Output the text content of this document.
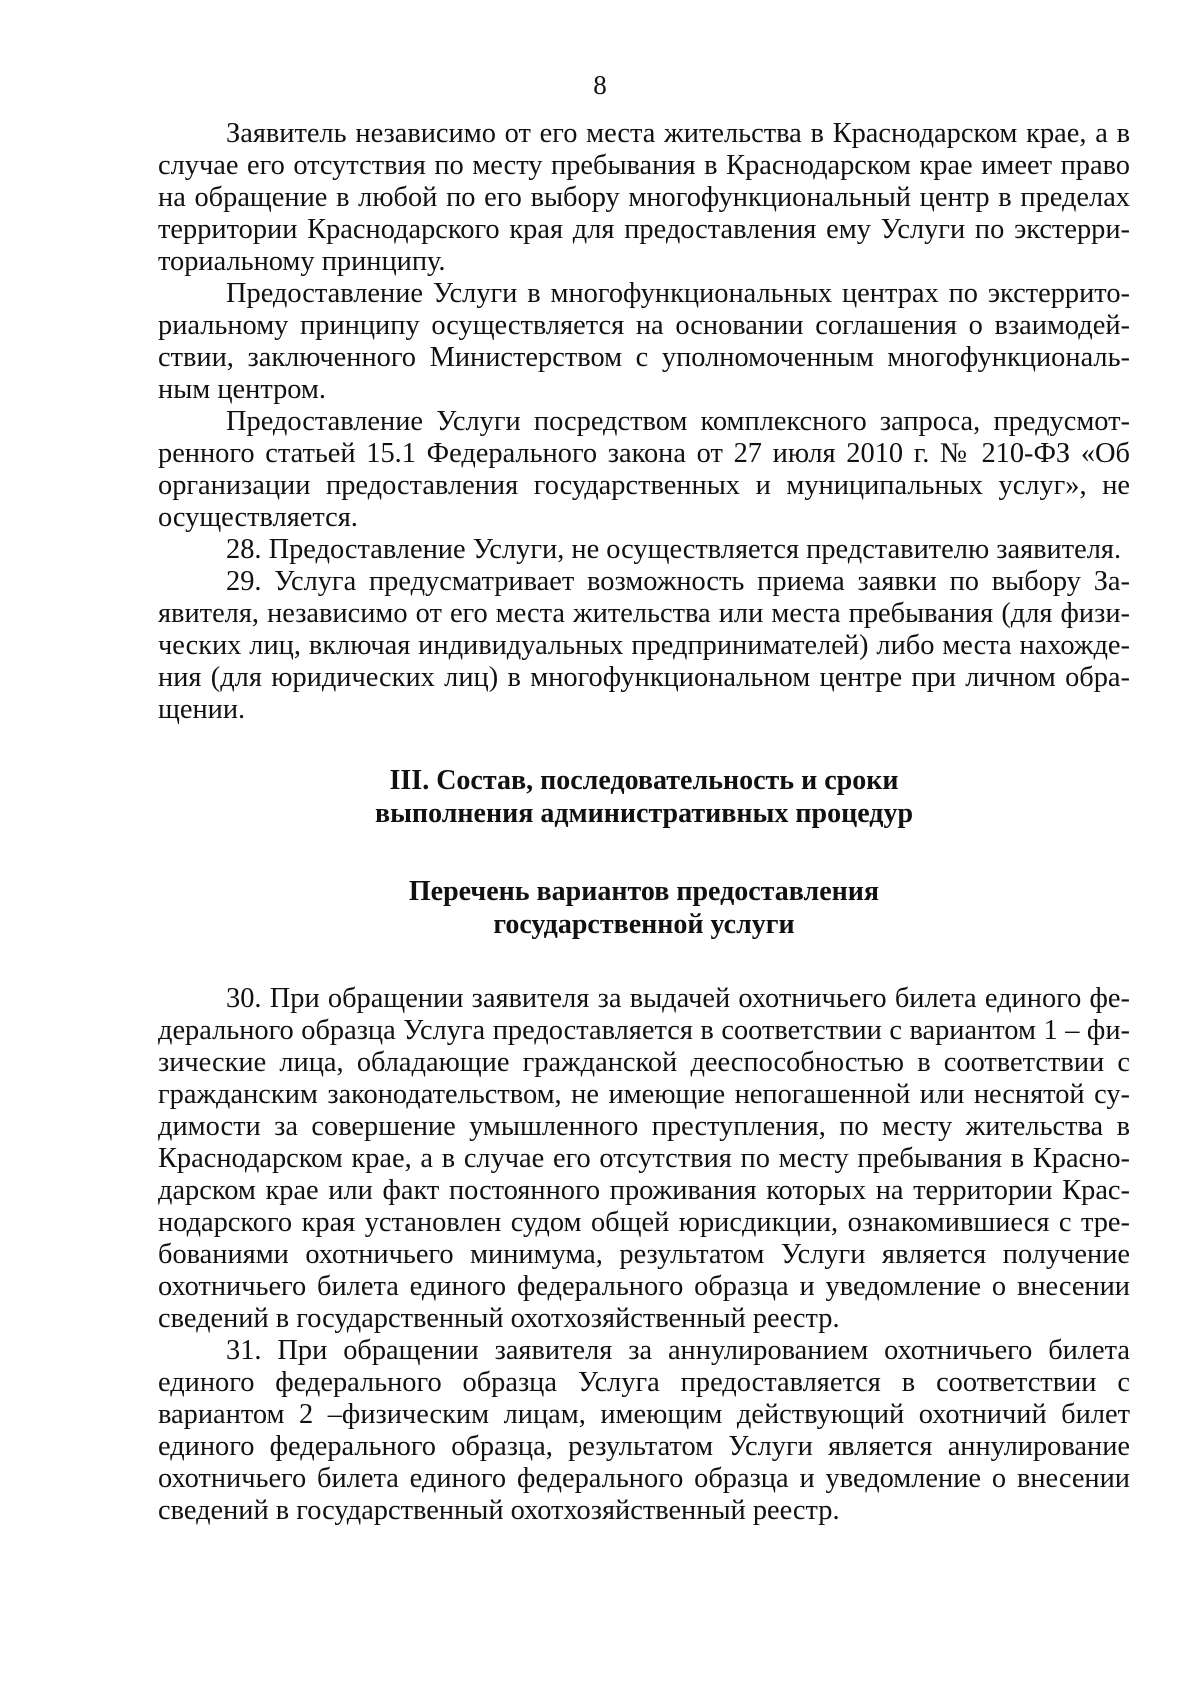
8

Заявитель независимо от его места жительства в Краснодарском крае, а в случае его отсутствия по месту пребывания в Краснодарском крае имеет право на обращение в любой по его выбору многофункциональный центр в пределах территории Краснодарского края для предоставления ему Услуги по экстерриториальному принципу.

Предоставление Услуги в многофункциональных центрах по экстерриториальному принципу осуществляется на основании соглашения о взаимодействии, заключенного Министерством с уполномоченным многофункциональным центром.

Предоставление Услуги посредством комплексного запроса, предусмотренного статьей 15.1 Федерального закона от 27 июля 2010 г. № 210-ФЗ «Об организации предоставления государственных и муниципальных услуг», не осуществляется.

28. Предоставление Услуги, не осуществляется представителю заявителя.

29. Услуга предусматривает возможность приема заявки по выбору Заявителя, независимо от его места жительства или места пребывания (для физических лиц, включая индивидуальных предпринимателей) либо места нахождения (для юридических лиц) в многофункциональном центре при личном обращении.

III. Состав, последовательность и сроки
выполнения административных процедур

Перечень вариантов предоставления
государственной услуги

30. При обращении заявителя за выдачей охотничьего билета единого федерального образца Услуга предоставляется в соответствии с вариантом 1 – физические лица, обладающие гражданской дееспособностью в соответствии с гражданским законодательством, не имеющие непогашенной или неснятой судимости за совершение умышленного преступления, по месту жительства в Краснодарском крае, а в случае его отсутствия по месту пребывания в Краснодарском крае или факт постоянного проживания которых на территории Краснодарского края установлен судом общей юрисдикции, ознакомившиеся с требованиями охотничьего минимума, результатом Услуги является получение охотничьего билета единого федерального образца и уведомление о внесении сведений в государственный охотхозяйственный реестр.

31. При обращении заявителя за аннулированием охотничьего билета единого федерального образца Услуга предоставляется в соответствии с вариантом 2 –физическим лицам, имеющим действующий охотничий билет единого федерального образца, результатом Услуги является аннулирование охотничьего билета единого федерального образца и уведомление о внесении сведений в государственный охотхозяйственный реестр.
